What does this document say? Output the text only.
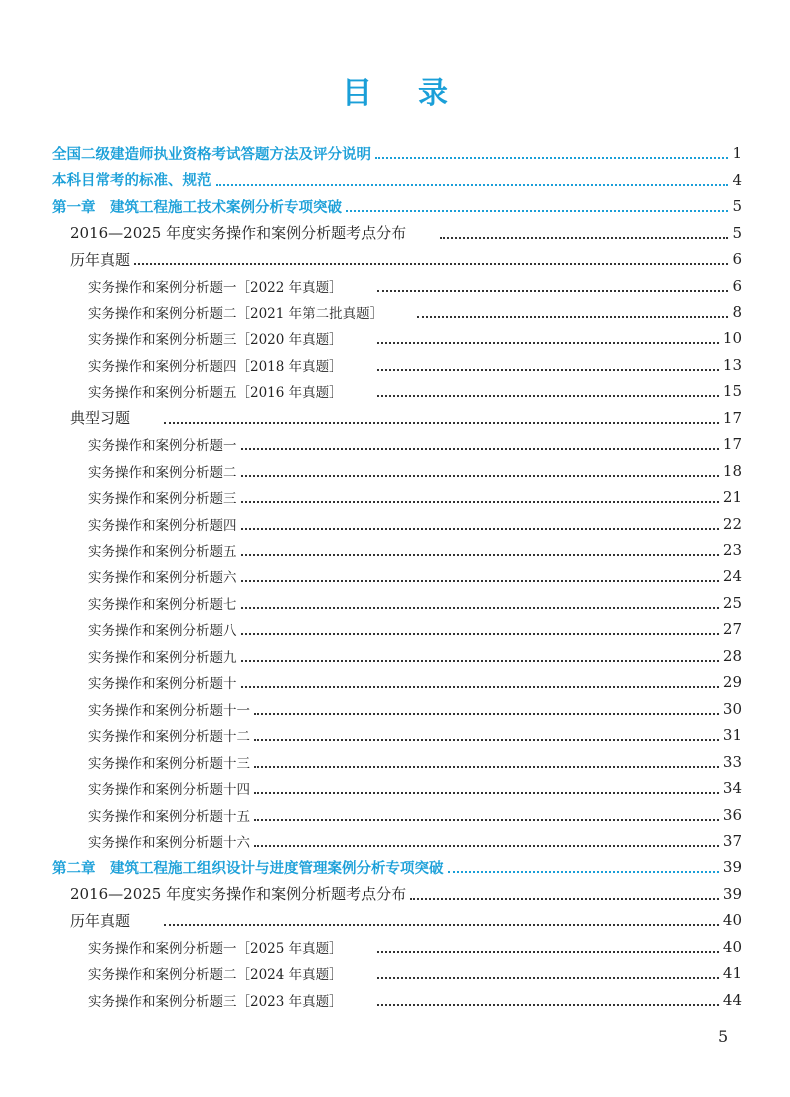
目录
全国二级建造师执业资格考试答题方法及评分说明	1
本科目常考的标准、规范	4
第一章　建筑工程施工技术案例分析专项突破	5
2016—2025 年度实务操作和案例分析题考点分布	5
历年真题	6
实务操作和案例分析题一［2022 年真题］	6
实务操作和案例分析题二［2021 年第二批真题］	8
实务操作和案例分析题三［2020 年真题］	10
实务操作和案例分析题四［2018 年真题］	13
实务操作和案例分析题五［2016 年真题］	15
典型习题	17
实务操作和案例分析题一	17
实务操作和案例分析题二	18
实务操作和案例分析题三	21
实务操作和案例分析题四	22
实务操作和案例分析题五	23
实务操作和案例分析题六	24
实务操作和案例分析题七	25
实务操作和案例分析题八	27
实务操作和案例分析题九	28
实务操作和案例分析题十	29
实务操作和案例分析题十一	30
实务操作和案例分析题十二	31
实务操作和案例分析题十三	33
实务操作和案例分析题十四	34
实务操作和案例分析题十五	36
实务操作和案例分析题十六	37
第二章　建筑工程施工组织设计与进度管理案例分析专项突破	39
2016—2025 年度实务操作和案例分析题考点分布	39
历年真题	40
实务操作和案例分析题一［2025 年真题］	40
实务操作和案例分析题二［2024 年真题］	41
实务操作和案例分析题三［2023 年真题］	44
5
